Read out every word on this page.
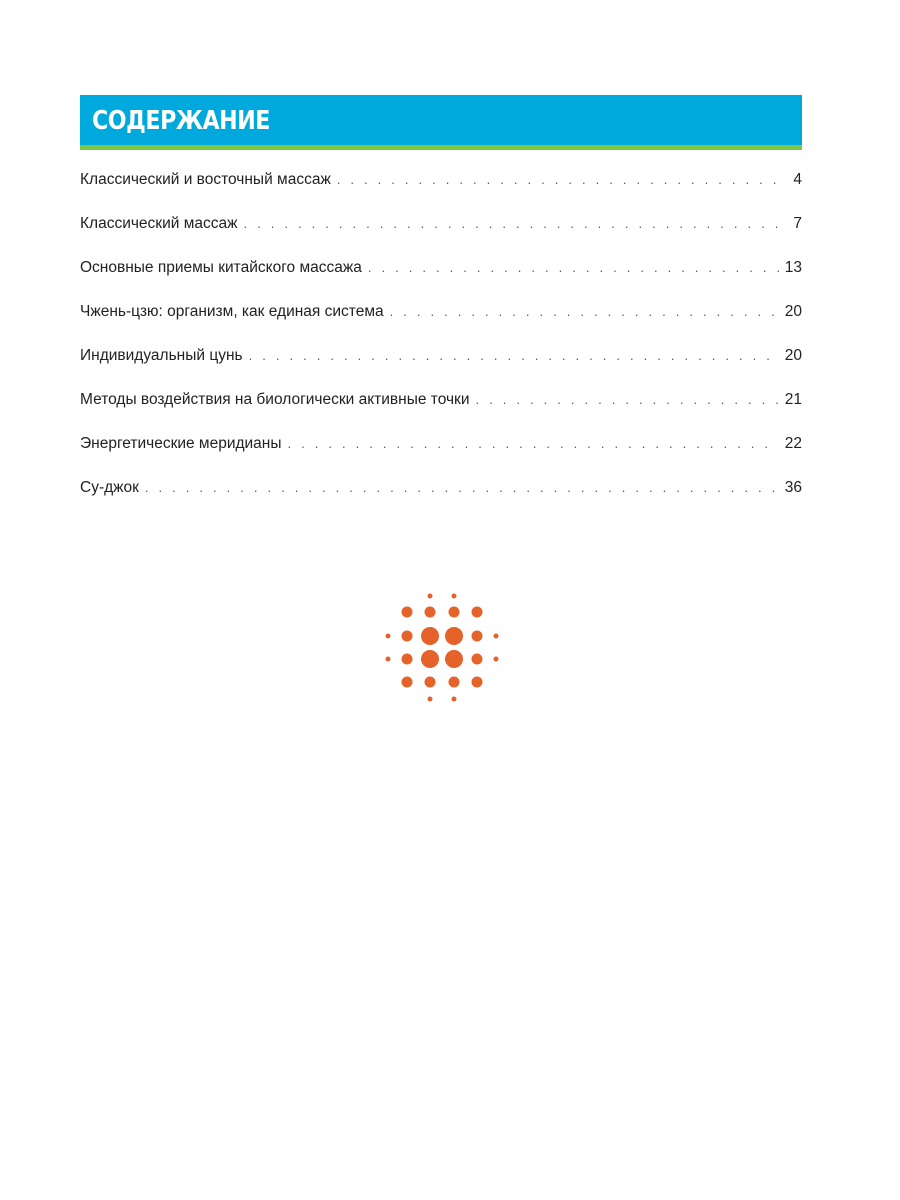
СОДЕРЖАНИЕ
Классический и восточный массаж . . .	4
Классический массаж . . .	7
Основные приемы китайского массажа . . .	13
Чжень-цзю: организм, как единая система . . .	20
Индивидуальный цунь . . .	20
Методы воздействия на биологически активные точки . . .	21
Энергетические меридианы . . .	22
Су-джок . . .	36
